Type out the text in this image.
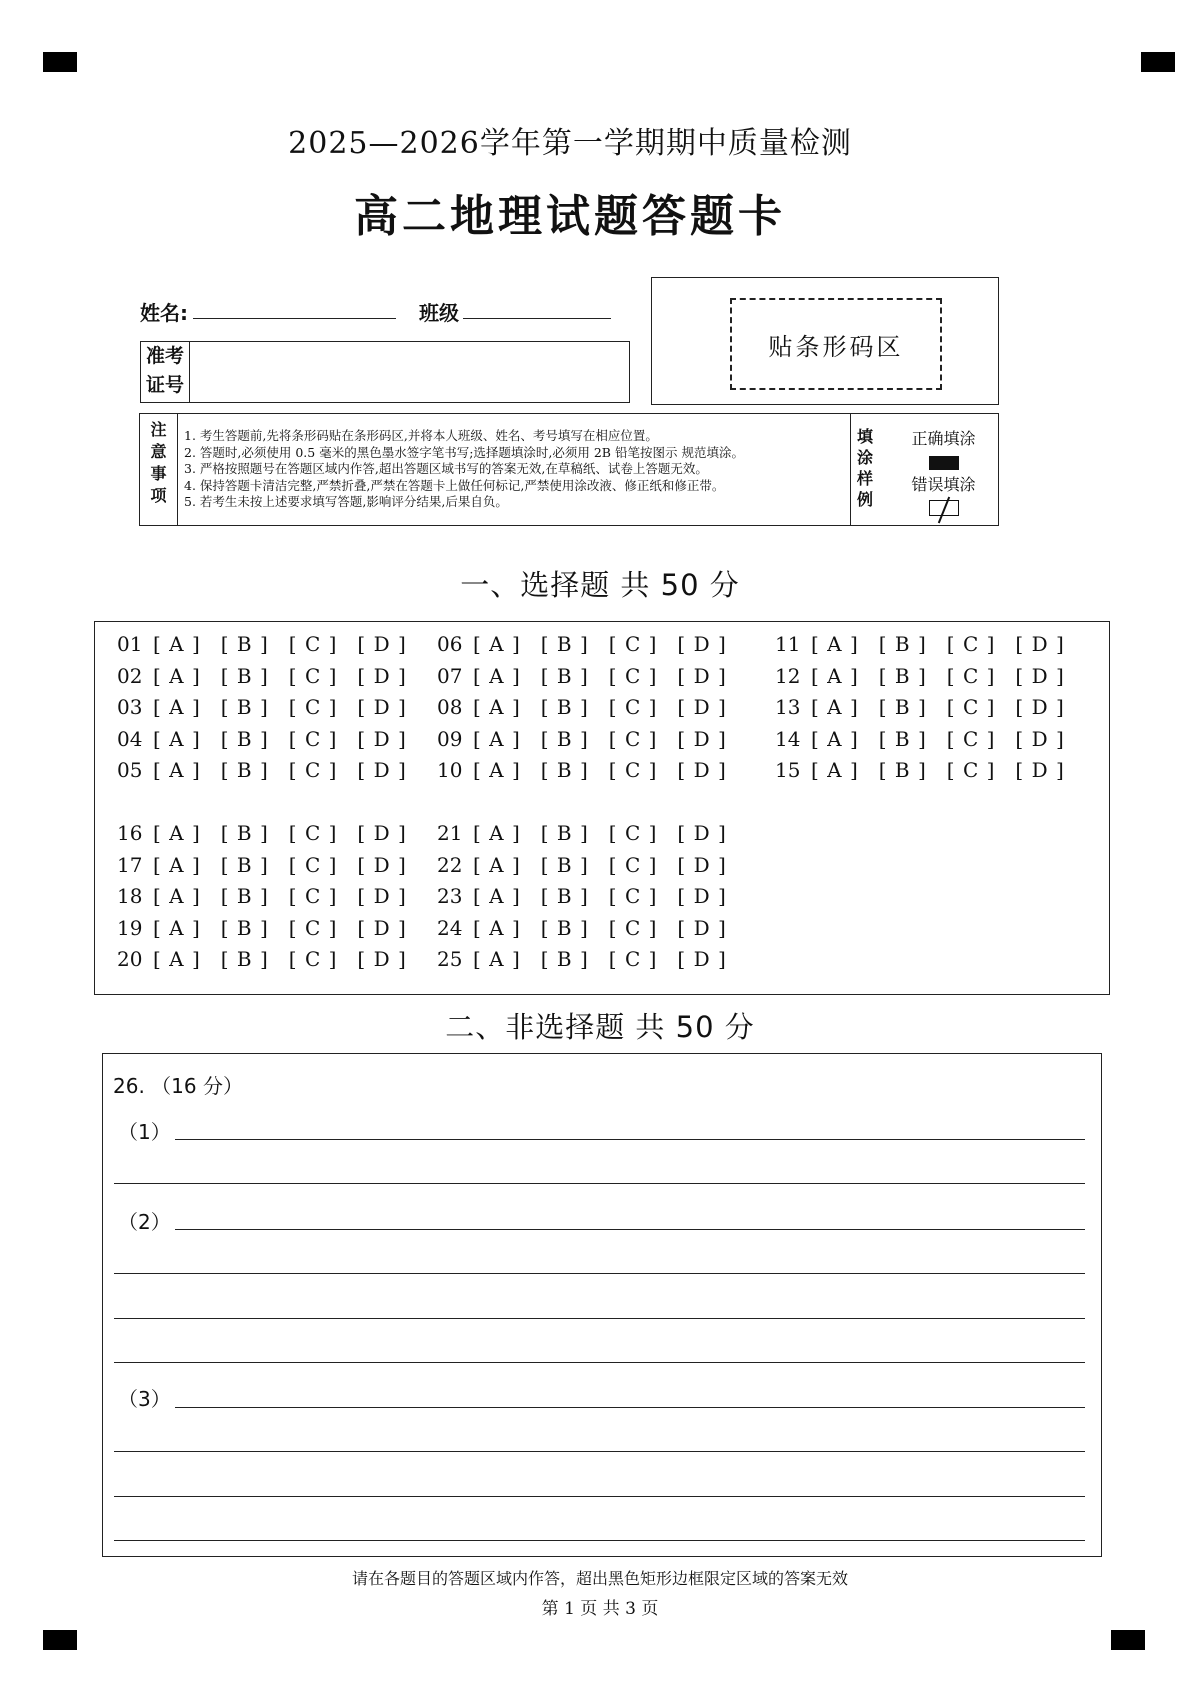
2025—2026学年第一学期期中质量检测
高二地理试题答题卡
姓名:	班级
准考
证号
贴条形码区
注
意
事
项
1. 考生答题前,先将条形码贴在条形码区,并将本人班级、姓名、考号填写在相应位置。
2. 答题时,必须使用 0.5 毫米的黑色墨水签字笔书写;选择题填涂时,必须用 2B 铅笔按图示 规范填涂。
3. 严格按照题号在答题区域内作答,超出答题区域书写的答案无效,在草稿纸、试卷上答题无效。
4. 保持答题卡清洁完整,严禁折叠,严禁在答题卡上做任何标记,严禁使用涂改液、修正纸和修正带。
5. 若考生未按上述要求填写答题,影响评分结果,后果自负。
填
涂
样
例
正确填涂
错误填涂
一、选择题 共 50 分
01 [ A ] [ B ] [ C ] [ D ]
02 [ A ] [ B ] [ C ] [ D ]
03 [ A ] [ B ] [ C ] [ D ]
04 [ A ] [ B ] [ C ] [ D ]
05 [ A ] [ B ] [ C ] [ D ]
06 [ A ] [ B ] [ C ] [ D ]
07 [ A ] [ B ] [ C ] [ D ]
08 [ A ] [ B ] [ C ] [ D ]
09 [ A ] [ B ] [ C ] [ D ]
10 [ A ] [ B ] [ C ] [ D ]
11 [ A ] [ B ] [ C ] [ D ]
12 [ A ] [ B ] [ C ] [ D ]
13 [ A ] [ B ] [ C ] [ D ]
14 [ A ] [ B ] [ C ] [ D ]
15 [ A ] [ B ] [ C ] [ D ]
16 [ A ] [ B ] [ C ] [ D ]
17 [ A ] [ B ] [ C ] [ D ]
18 [ A ] [ B ] [ C ] [ D ]
19 [ A ] [ B ] [ C ] [ D ]
20 [ A ] [ B ] [ C ] [ D ]
21 [ A ] [ B ] [ C ] [ D ]
22 [ A ] [ B ] [ C ] [ D ]
23 [ A ] [ B ] [ C ] [ D ]
24 [ A ] [ B ] [ C ] [ D ]
25 [ A ] [ B ] [ C ] [ D ]
二、非选择题 共 50 分
26. （16 分）
（1）
（2）
（3）
请在各题目的答题区域内作答，超出黑色矩形边框限定区域的答案无效
第 1 页 共 3 页
